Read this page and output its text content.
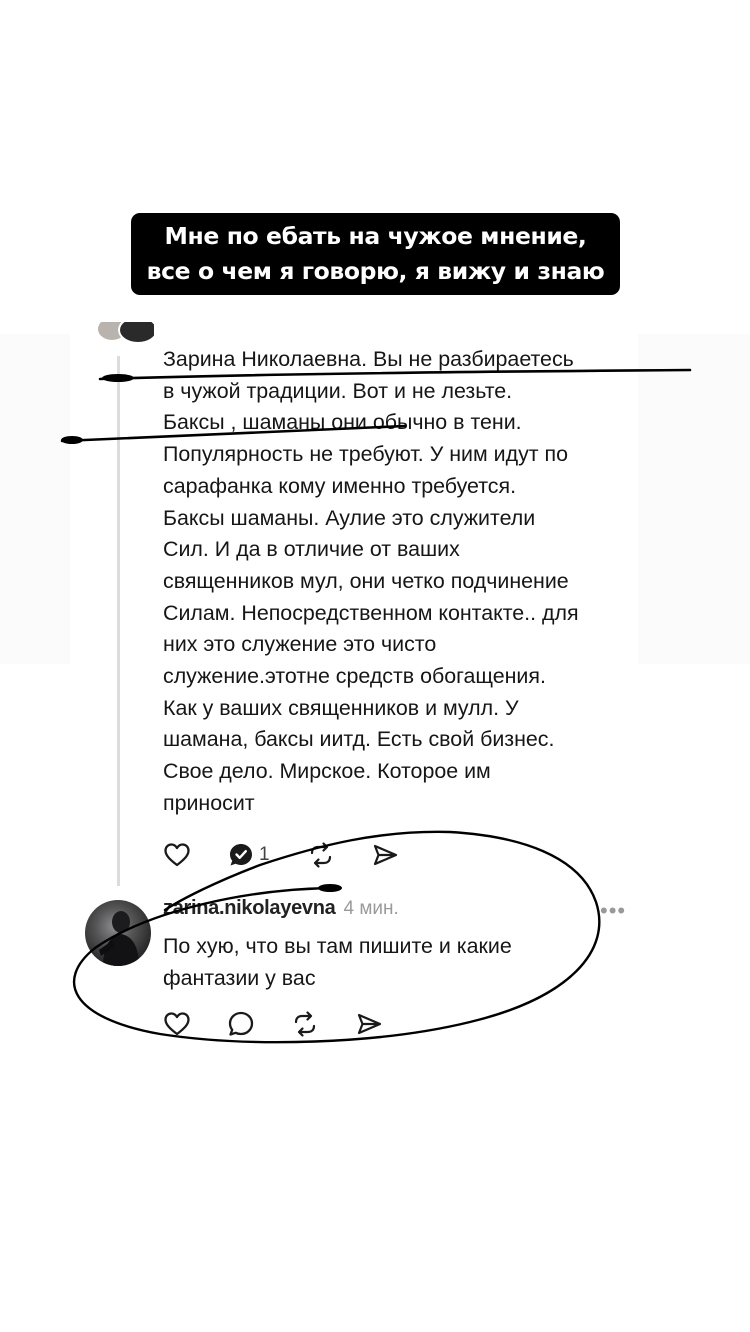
Мне по ебать на чужое мнение,
все о чем я говорю, я вижу и знаю
Зарина Николаевна. Вы не разбираетесь
в чужой традиции. Вот и не лезьте.
Баксы , шаманы они обычно в тени.
Популярность не требуют. У ним идут по
сарафанка кому именно требуется.
Баксы шаманы. Аулие это служители
Сил. И да в отличие от ваших
священников мул, они четко подчинение
Силам. Непосредственном контакте.. для
них это служение это чисто
служение.этотне средств обогащения.
Как у ваших священников и мулл. У
шамана, баксы иитд. Есть свой бизнес.
Свое дело. Мирское. Которое им
приносит
1
zarina.nikolayevna 4 мин.	•••
По хую, что вы там пишите и какие
фантазии у вас
